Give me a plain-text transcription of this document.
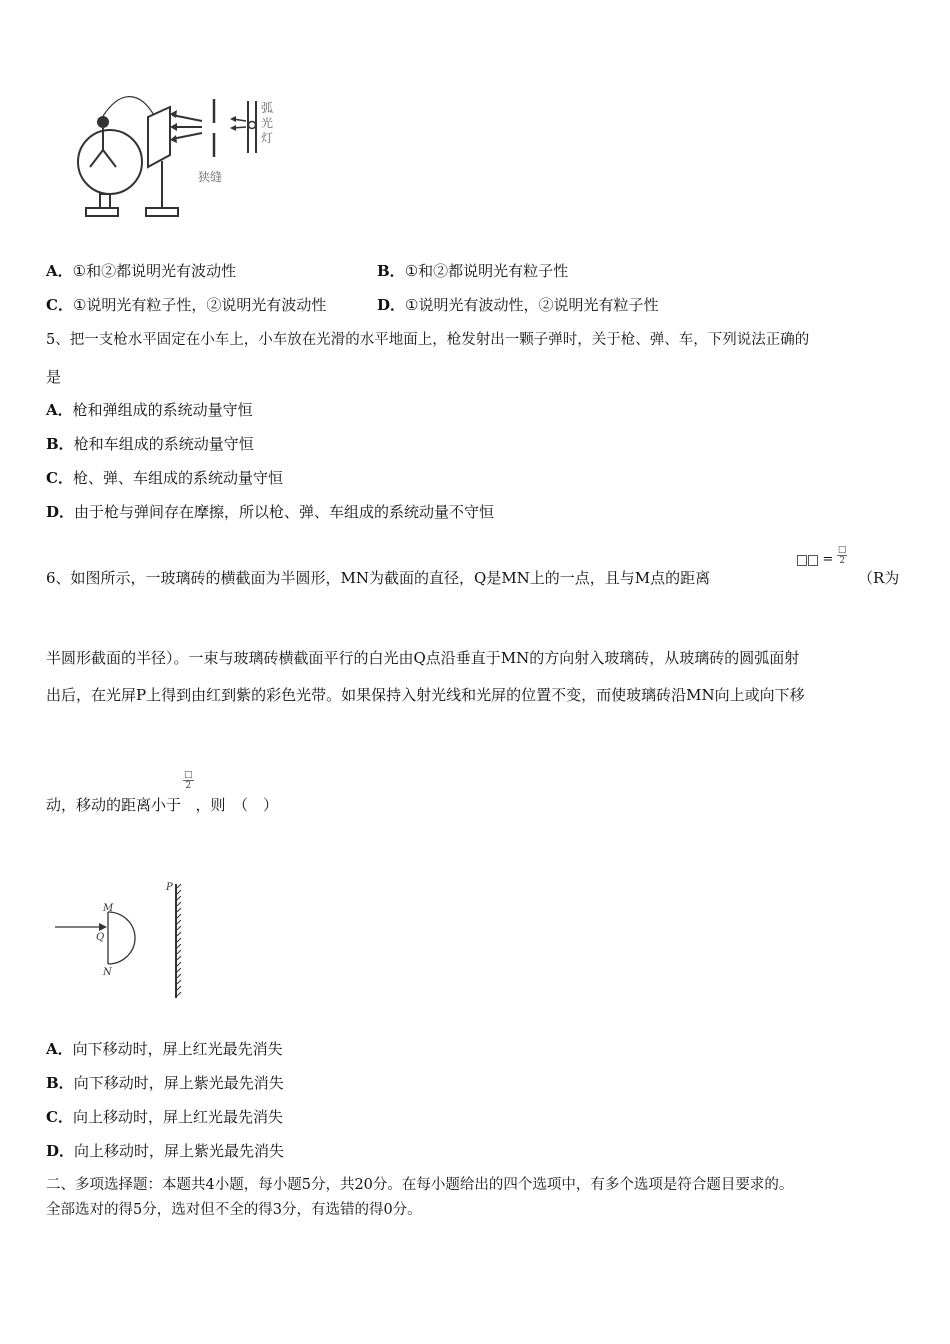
弧
光
灯
狭缝
A．①和②都说明光有波动性	B．①和②都说明光有粒子性
C．①说明光有粒子性，②说明光有波动性	D．①说明光有波动性，②说明光有粒子性
5、把一支枪水平固定在小车上，小车放在光滑的水平地面上，枪发射出一颗子弹时，关于枪、弹、车，下列说法正确的
是
A．枪和弹组成的系统动量守恒
B．枪和车组成的系统动量守恒
C．枪、弹、车组成的系统动量守恒
D．由于枪与弹间存在摩擦，所以枪、弹、车组成的系统动量不守恒
6、如图所示，一玻璃砖的横截面为半圆形，MN为截面的直径，Q是MN上的一点，且与M点的距离
= $\frac{□}{2}$
（R为
半圆形截面的半径）。一束与玻璃砖横截面平行的白光由Q点沿垂直于MN的方向射入玻璃砖，从玻璃砖的圆弧面射
出后，在光屏P上得到由红到紫的彩色光带。如果保持入射光线和光屏的位置不变，而使玻璃砖沿MN向上或向下移
动，移动的距离小于
$\frac{□}{2}$
，则　（　）
M
Q
N
P
A．向下移动时，屏上红光最先消失
B．向下移动时，屏上紫光最先消失
C．向上移动时，屏上红光最先消失
D．向上移动时，屏上紫光最先消失
二、多项选择题：本题共4小题，每小题5分，共20分。在每小题给出的四个选项中，有多个选项是符合题目要求的。
全部选对的得5分，选对但不全的得3分，有选错的得0分。
